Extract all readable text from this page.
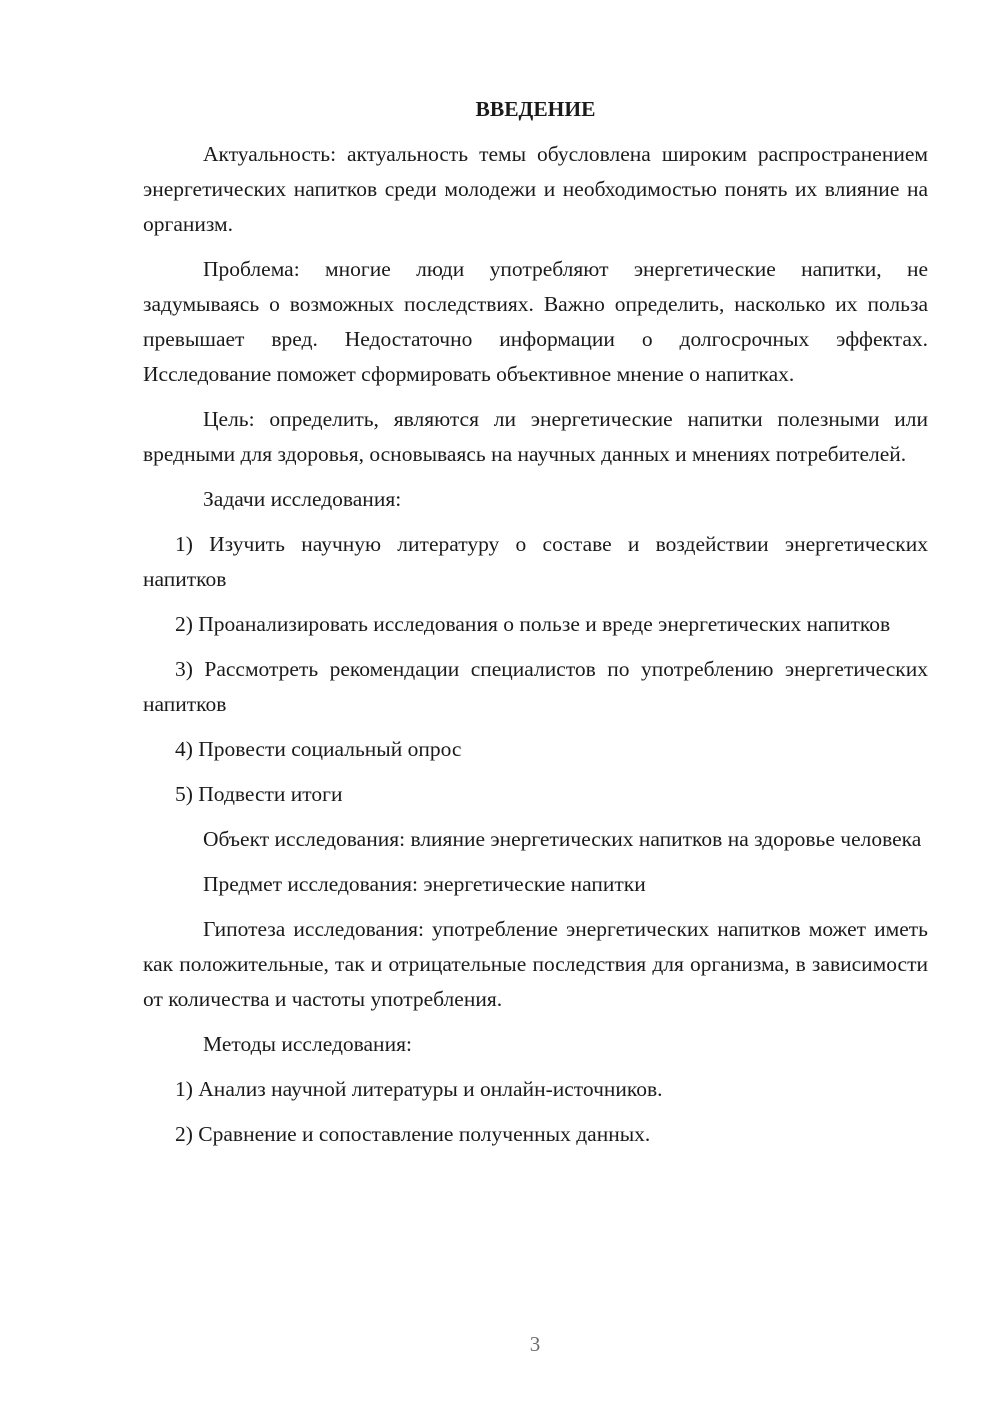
ВВЕДЕНИЕ
Актуальность: актуальность темы обусловлена широким распространением энергетических напитков среди молодежи и необходимостью понять их влияние на организм.
Проблема: многие люди употребляют энергетические напитки, не задумываясь о возможных последствиях. Важно определить, насколько их польза превышает вред. Недостаточно информации о долгосрочных эффектах. Исследование поможет сформировать объективное мнение о напитках.
Цель: определить, являются ли энергетические напитки полезными или вредными для здоровья, основываясь на научных данных и мнениях потребителей.
Задачи исследования:
1) Изучить научную литературу о составе и воздействии энергетических напитков
2) Проанализировать исследования о пользе и вреде энергетических напитков
3) Рассмотреть рекомендации специалистов по употреблению энергетических напитков
4) Провести социальный опрос
5) Подвести итоги
Объект исследования: влияние энергетических напитков на здоровье человека
Предмет исследования: энергетические напитки
Гипотеза исследования: употребление энергетических напитков может иметь как положительные, так и отрицательные последствия для организма, в зависимости от количества и частоты употребления.
Методы исследования:
1) Анализ научной литературы и онлайн-источников.
2) Сравнение и сопоставление полученных данных.
3
